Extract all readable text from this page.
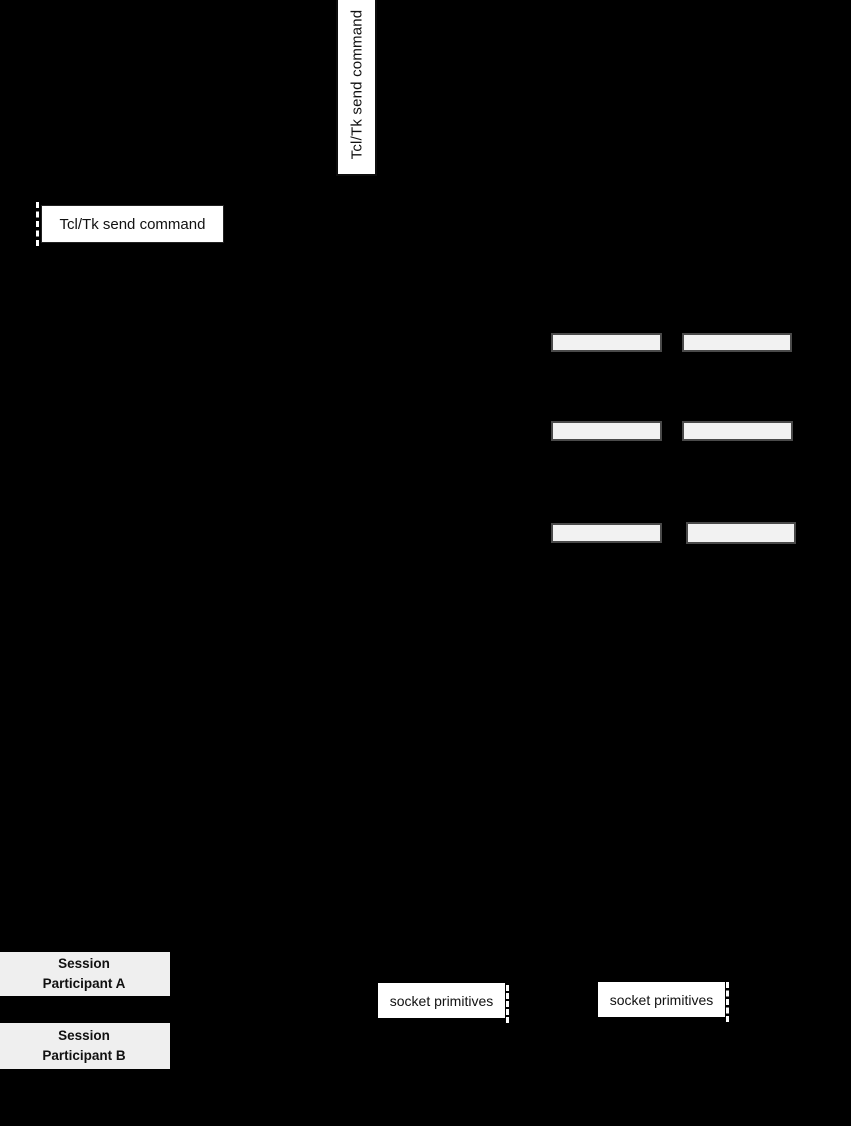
Tcl/Tk send command
Tcl/Tk send command
Session
Participant A
Session
Participant B
socket primitives	socket primitives
